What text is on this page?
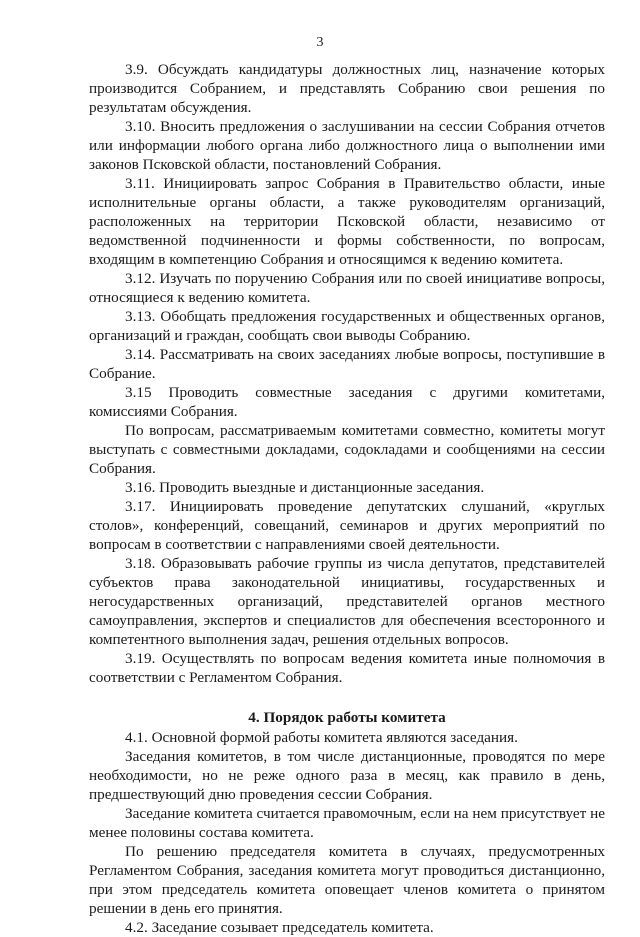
3

3.9. Обсуждать кандидатуры должностных лиц, назначение которых производится Собранием, и представлять Собранию свои решения по результатам обсуждения.

3.10. Вносить предложения о заслушивании на сессии Собрания отчетов или информации любого органа либо должностного лица о выполнении ими законов Псковской области, постановлений Собрания.

3.11. Инициировать запрос Собрания в Правительство области, иные исполнительные органы области, а также руководителям организаций, расположенных на территории Псковской области, независимо от ведомственной подчиненности и формы собственности, по вопросам, входящим в компетенцию Собрания и относящимся к ведению комитета.

3.12. Изучать по поручению Собрания или по своей инициативе вопросы, относящиеся к ведению комитета.

3.13. Обобщать предложения государственных и общественных органов, организаций и граждан, сообщать свои выводы Собранию.

3.14. Рассматривать на своих заседаниях любые вопросы, поступившие в Собрание.

3.15 Проводить совместные заседания с другими комитетами, комиссиями Собрания.

По вопросам, рассматриваемым комитетами совместно, комитеты могут выступать с совместными докладами, содокладами и сообщениями на сессии Собрания.

3.16. Проводить выездные и дистанционные заседания.

3.17. Инициировать проведение депутатских слушаний, «круглых столов», конференций, совещаний, семинаров и других мероприятий по вопросам в соответствии с направлениями своей деятельности.

3.18. Образовывать рабочие группы из числа депутатов, представителей субъектов права законодательной инициативы, государственных и негосударственных организаций, представителей органов местного самоуправления, экспертов и специалистов для обеспечения всесторонного и компетентного выполнения задач, решения отдельных вопросов.

3.19. Осуществлять по вопросам ведения комитета иные полномочия в соответствии с Регламентом Собрания.

4. Порядок работы комитета

4.1. Основной формой работы комитета являются заседания.

Заседания комитетов, в том числе дистанционные, проводятся по мере необходимости, но не реже одного раза в месяц, как правило в день, предшествующий дню проведения сессии Собрания.

Заседание комитета считается правомочным, если на нем присутствует не менее половины состава комитета.

По решению председателя комитета в случаях, предусмотренных Регламентом Собрания, заседания комитета могут проводиться дистанционно, при этом председатель комитета оповещает членов комитета о принятом решении в день его принятия.

4.2. Заседание созывает председатель комитета.
